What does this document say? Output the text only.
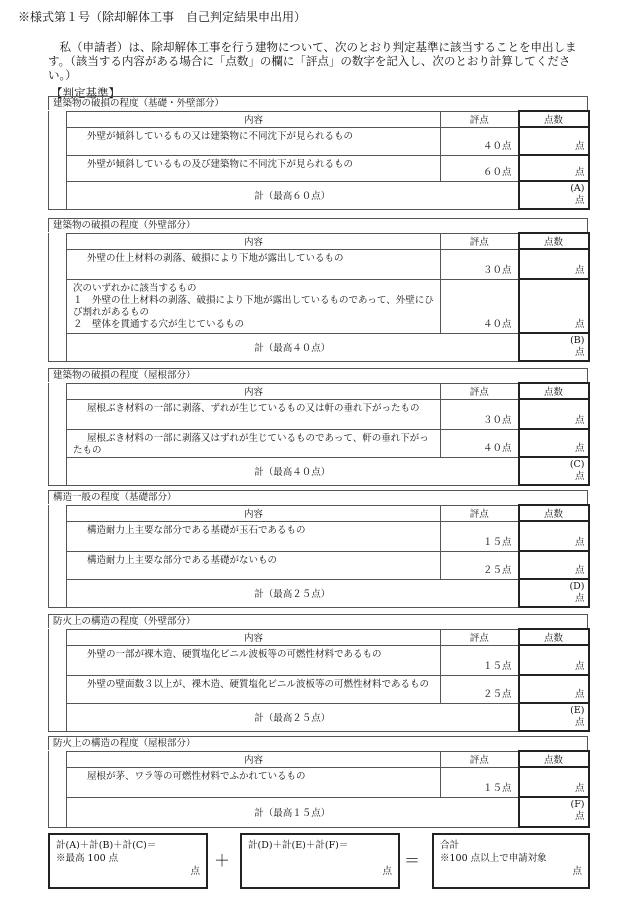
※様式第１号（除却解体工事　自己判定結果申出用）
　私（申請者）は、除却解体工事を行う建物について、次のとおり判定基準に該当することを申出します。（該当する内容がある場合に「点数」の欄に「評点」の数字を記入し、次のとおり計算してください。）
【判定基準】
建築物の破損の程度（基礎・外壁部分）
	内容	評点	点数
	外壁が傾斜しているもの又は建築物に不同沈下が見られるもの	４０点	点
	外壁が傾斜しているもの及び建築物に不同沈下が見られるもの	６０点	点
	計（最高６０点）		(A)
点
建築物の破損の程度（外壁部分）
	内容	評点	点数
	外壁の仕上材料の剥落、破損により下地が露出しているもの	３０点	点
	次のいずれかに該当するもの
１　外壁の仕上材料の剥落、破損により下地が露出しているものであって、外壁にひび割れがあるもの
２　壁体を貫通する穴が生じているもの	４０点	点
	計（最高４０点）		(B)
点
建築物の破損の程度（屋根部分）
	内容	評点	点数
	屋根ぶき材料の一部に剥落、ずれが生じているもの又は軒の垂れ下がったもの	３０点	点
	屋根ぶき材料の一部に剥落又はずれが生じているものであって、軒の垂れ下がったもの	４０点	点
	計（最高４０点）		(C)
点
構造一般の程度（基礎部分）
	内容	評点	点数
	構造耐力上主要な部分である基礎が玉石であるもの	１５点	点
	構造耐力上主要な部分である基礎がないもの	２５点	点
	計（最高２５点）		(D)
点
防火上の構造の程度（外壁部分）
	内容	評点	点数
	外壁の一部が裸木造、硬質塩化ビニル波板等の可燃性材料であるもの	１５点	点
	外壁の壁面数３以上が、裸木造、硬質塩化ビニル波板等の可燃性材料であるもの	２５点	点
	計（最高２５点）		(E)
点
防火上の構造の程度（屋根部分）
	内容	評点	点数
	屋根が茅、ワラ等の可燃性材料でふかれているもの	１５点	点
	計（最高１５点）		(F)
点
計(A)＋計(B)＋計(C)＝
※最高 100 点
点
＋
計(D)＋計(E)＋計(F)＝
点
＝
合計
※100 点以上で申請対象
点
